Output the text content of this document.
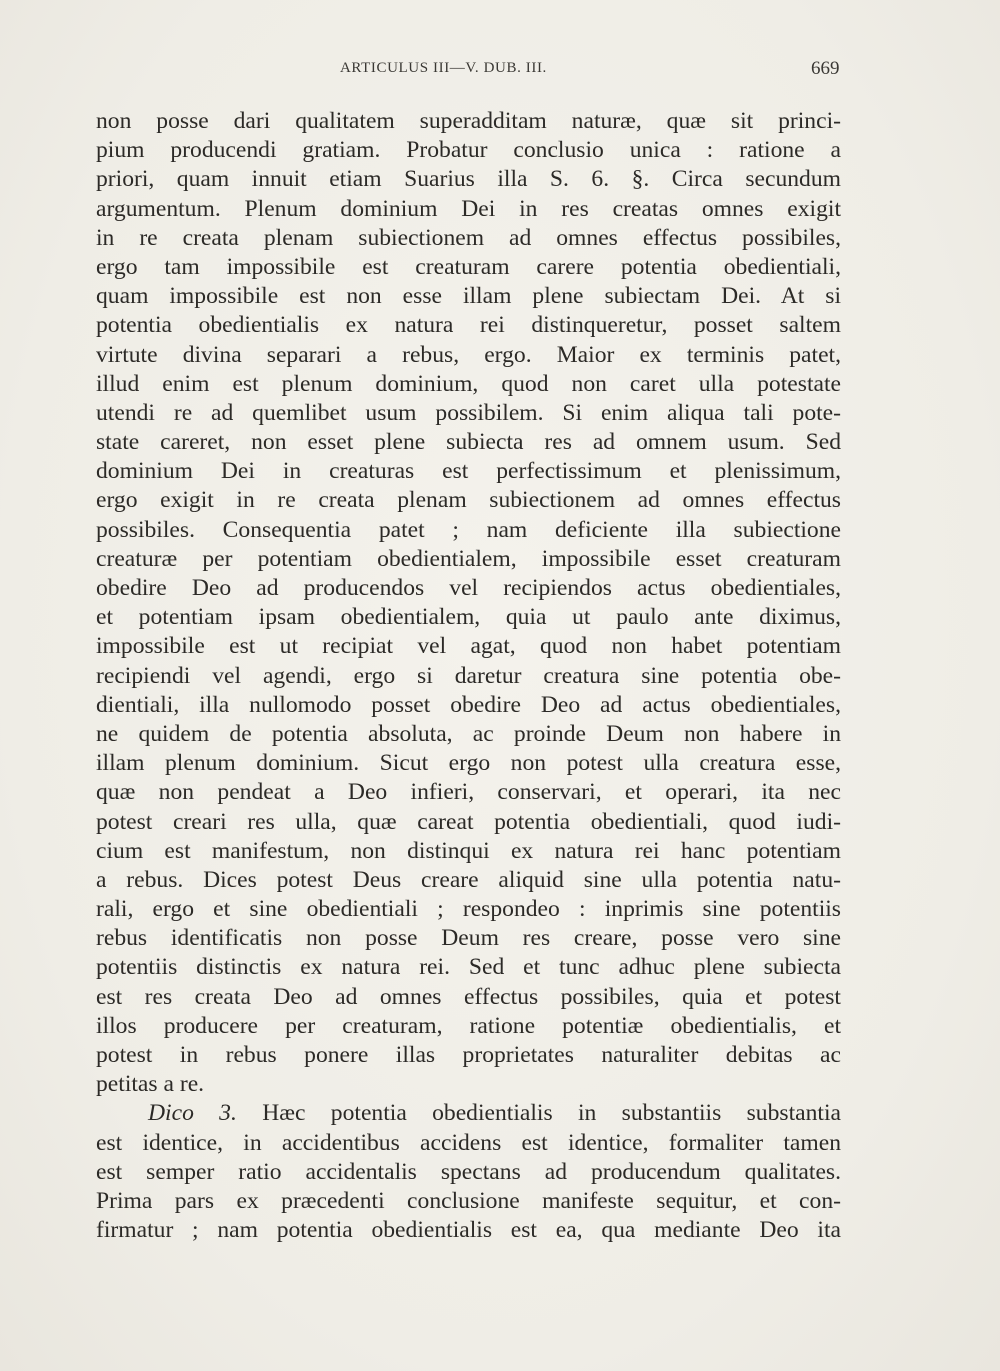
ARTICULUS III—V. DUB. III.	669
non posse dari qualitatem superadditam naturæ, quæ sit princi-
pium producendi gratiam. Probatur conclusio unica : ratione a
priori, quam innuit etiam Suarius illa S. 6. §. Circa secundum
argumentum. Plenum dominium Dei in res creatas omnes exigit
in re creata plenam subiectionem ad omnes effectus possibiles,
ergo tam impossibile est creaturam carere potentia obedientiali,
quam impossibile est non esse illam plene subiectam Dei. At si
potentia obedientialis ex natura rei distinqueretur, posset saltem
virtute divina separari a rebus, ergo. Maior ex terminis patet,
illud enim est plenum dominium, quod non caret ulla potestate
utendi re ad quemlibet usum possibilem. Si enim aliqua tali pote-
state careret, non esset plene subiecta res ad omnem usum. Sed
dominium Dei in creaturas est perfectissimum et plenissimum,
ergo exigit in re creata plenam subiectionem ad omnes effectus
possibiles. Consequentia patet ; nam deficiente illa subiectione
creaturæ per potentiam obedientialem, impossibile esset creaturam
obedire Deo ad producendos vel recipiendos actus obedientiales,
et potentiam ipsam obedientialem, quia ut paulo ante diximus,
impossibile est ut recipiat vel agat, quod non habet potentiam
recipiendi vel agendi, ergo si daretur creatura sine potentia obe-
dientiali, illa nullomodo posset obedire Deo ad actus obedientiales,
ne quidem de potentia absoluta, ac proinde Deum non habere in
illam plenum dominium. Sicut ergo non potest ulla creatura esse,
quæ non pendeat a Deo infieri, conservari, et operari, ita nec
potest creari res ulla, quæ careat potentia obedientiali, quod iudi-
cium est manifestum, non distinqui ex natura rei hanc potentiam
a rebus. Dices potest Deus creare aliquid sine ulla potentia natu-
rali, ergo et sine obedientiali ; respondeo : inprimis sine potentiis
rebus identificatis non posse Deum res creare, posse vero sine
potentiis distinctis ex natura rei. Sed et tunc adhuc plene subiecta
est res creata Deo ad omnes effectus possibiles, quia et potest
illos producere per creaturam, ratione potentiæ obedientialis, et
potest in rebus ponere illas proprietates naturaliter debitas ac
petitas a re.
Dico 3. Hæc potentia obedientialis in substantiis substantia
est identice, in accidentibus accidens est identice, formaliter tamen
est semper ratio accidentalis spectans ad producendum qualitates.
Prima pars ex præcedenti conclusione manifeste sequitur, et con-
firmatur ; nam potentia obedientialis est ea, qua mediante Deo ita
